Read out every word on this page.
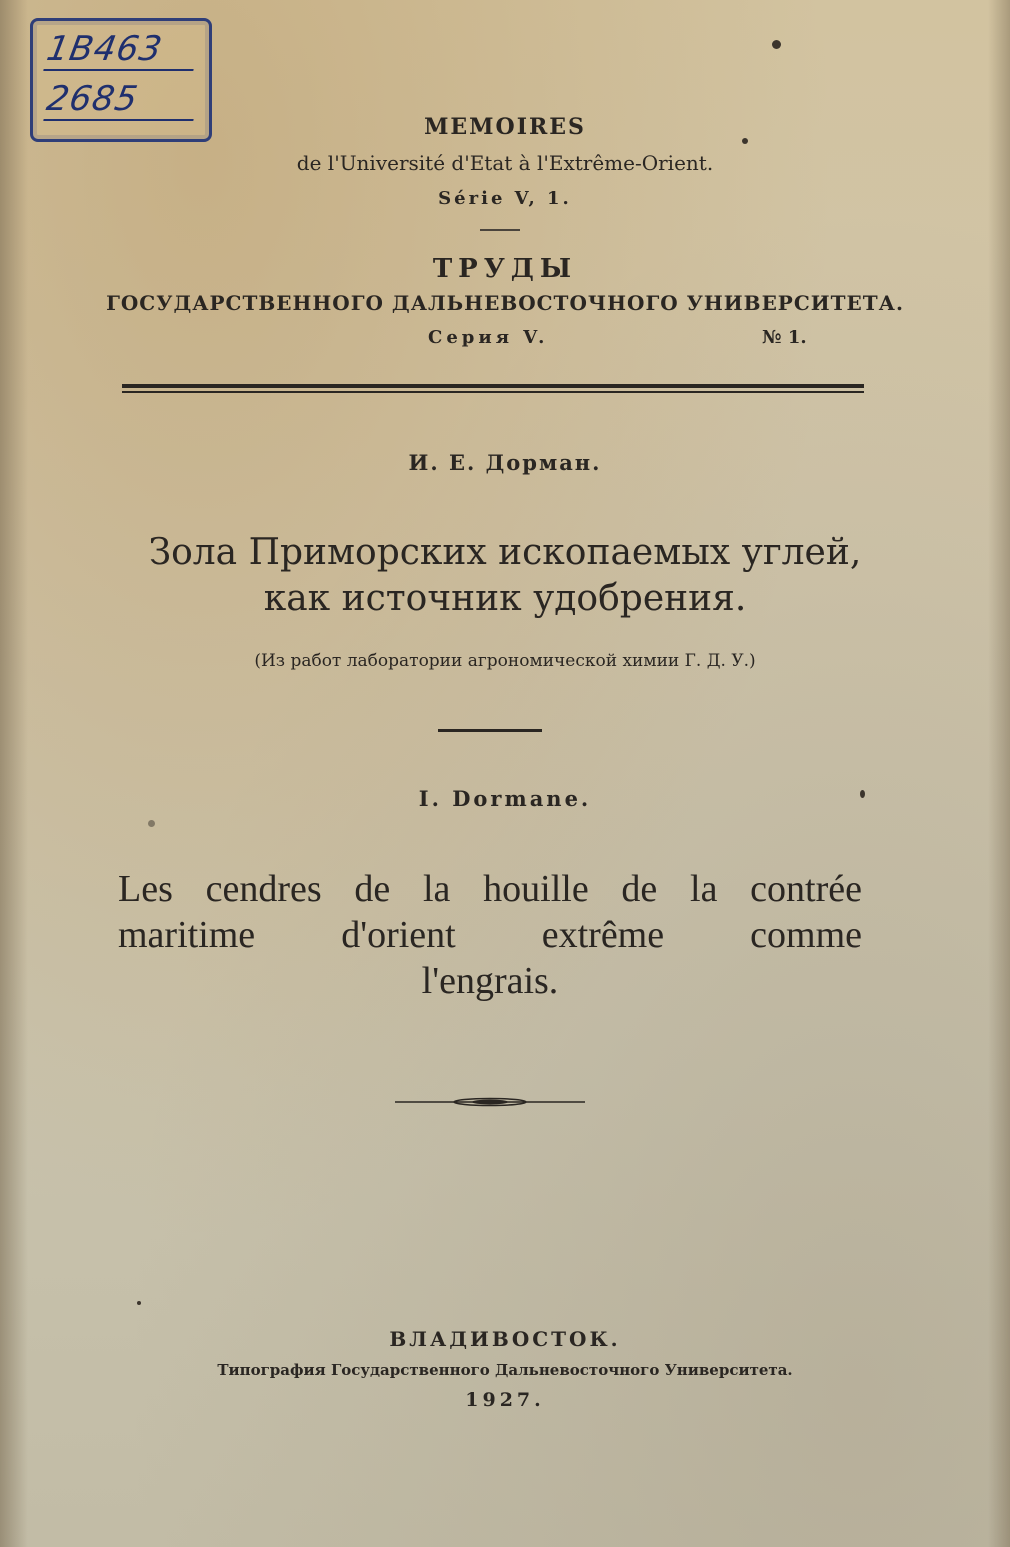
1В463
2685
MEMOIRES
de l'Université d'Etat à l'Extrême-Orient.
Série V, 1.
ТРУДЫ
ГОСУДАРСТВЕННОГО ДАЛЬНЕВОСТОЧНОГО УНИВЕРСИТЕТА.
Серия V.	№ 1.
И. Е. Дорман.
Зола Приморских ископаемых углей,
как источник удобрения.
(Из работ лаборатории агрономической химии Г. Д. У.)
I. Dormane.
Les cendres de la houille de la contrée
maritime d'orient extrême comme
l'engrais.
ВЛАДИВОСТОК.
Типография Государственного Дальневосточного Университета.
1927.
